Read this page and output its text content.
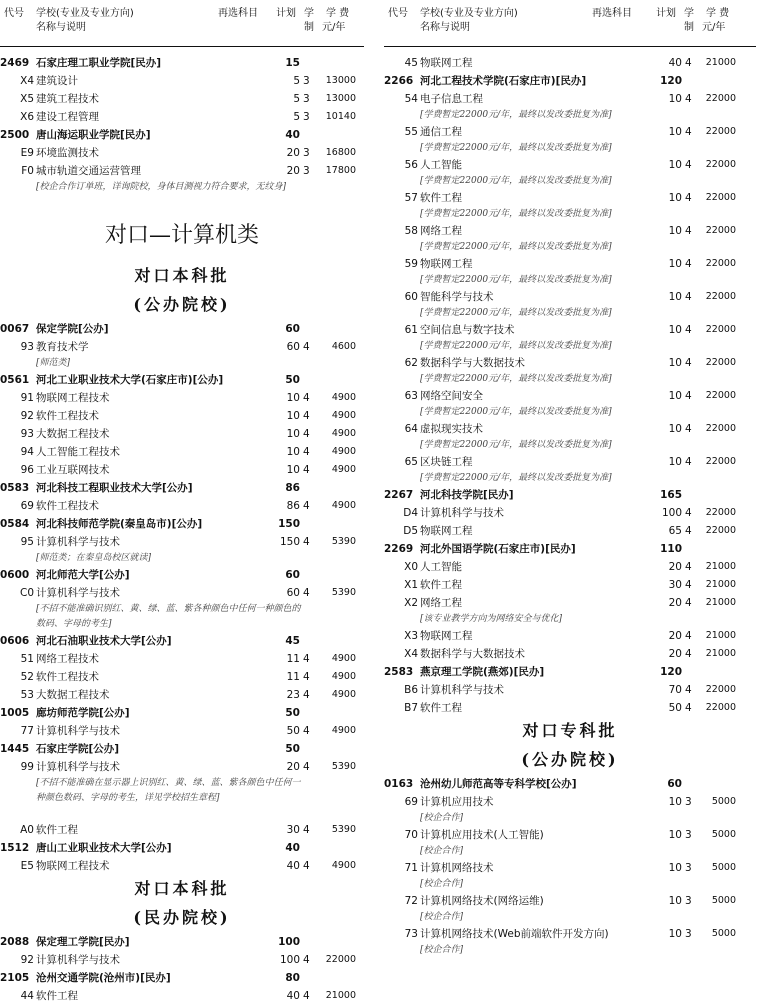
代号 学校(专业及专业方向)
名称与说明
再选科目 计划 学
制
学 费
元/年
2469 石家庄理工职业学院[民办]	15
X4 建筑设计	5 3	13000
X5 建筑工程技术	5 3	13000
X6 建设工程管理	5 3	10140
2500 唐山海运职业学院[民办]	40
E9 环境监测技术	20 3	16800
F0 城市轨道交通运营管理	20 3	17800
[校企合作订单班，详询院校，身体目测视力符合要求，无纹身]
对口—计算机类
对口本科批
(公办院校)
0067 保定学院[公办]	60
93 教育技术学	60 4	4600
[师范类]
0561 河北工业职业技术大学(石家庄市)[公办]	50
91 物联网工程技术	10 4	4900
92 软件工程技术	10 4	4900
93 大数据工程技术	10 4	4900
94 人工智能工程技术	10 4	4900
96 工业互联网技术	10 4	4900
0583 河北科技工程职业技术大学[公办]	86
69 软件工程技术	86 4	4900
0584 河北科技师范学院(秦皇岛市)[公办]	150
95 计算机科学与技术	150 4	5390
[师范类；在秦皇岛校区就读]
0600 河北师范大学[公办]	60
C0 计算机科学与技术	60 4	5390
[不招不能准确识别红、黄、绿、蓝、紫各种颜色中任何一种颜色的数码、字母的考生]
0606 河北石油职业技术大学[公办]	45
51 网络工程技术	11 4	4900
52 软件工程技术	11 4	4900
53 大数据工程技术	23 4	4900
1005 廊坊师范学院[公办]	50
77 计算机科学与技术	50 4	4900
1445 石家庄学院[公办]	50
99 计算机科学与技术	20 4	5390
[不招不能准确在显示器上识别红、黄、绿、蓝、紫各颜色中任何一种颜色数码、字母的考生，详见学校招生章程]
A0 软件工程	30 4	5390
1512 唐山工业职业技术大学[公办]	40
E5 物联网工程技术	40 4	4900
对口本科批
(民办院校)
2088 保定理工学院[民办]	100
92 计算机科学与技术	100 4	22000
2105 沧州交通学院(沧州市)[民办]	80
44 软件工程	40 4	21000
代号 学校(专业及专业方向)
名称与说明
再选科目 计划 学
制
学 费
元/年
45 物联网工程	40 4	21000
2266 河北工程技术学院(石家庄市)[民办]	120
54 电子信息工程	10 4	22000
[学费暂定22000元/年，最终以发改委批复为准]
55 通信工程	10 4	22000
[学费暂定22000元/年，最终以发改委批复为准]
56 人工智能	10 4	22000
[学费暂定22000元/年，最终以发改委批复为准]
57 软件工程	10 4	22000
[学费暂定22000元/年，最终以发改委批复为准]
58 网络工程	10 4	22000
[学费暂定22000元/年，最终以发改委批复为准]
59 物联网工程	10 4	22000
[学费暂定22000元/年，最终以发改委批复为准]
60 智能科学与技术	10 4	22000
[学费暂定22000元/年，最终以发改委批复为准]
61 空间信息与数字技术	10 4	22000
[学费暂定22000元/年，最终以发改委批复为准]
62 数据科学与大数据技术	10 4	22000
[学费暂定22000元/年，最终以发改委批复为准]
63 网络空间安全	10 4	22000
[学费暂定22000元/年，最终以发改委批复为准]
64 虚拟现实技术	10 4	22000
[学费暂定22000元/年，最终以发改委批复为准]
65 区块链工程	10 4	22000
[学费暂定22000元/年，最终以发改委批复为准]
2267 河北科技学院[民办]	165
D4 计算机科学与技术	100 4	22000
D5 物联网工程	65 4	22000
2269 河北外国语学院(石家庄市)[民办]	110
X0 人工智能	20 4	21000
X1 软件工程	30 4	21000
X2 网络工程	20 4	21000
[该专业教学方向为网络安全与优化]
X3 物联网工程	20 4	21000
X4 数据科学与大数据技术	20 4	21000
2583 燕京理工学院(燕郊)[民办]	120
B6 计算机科学与技术	70 4	22000
B7 软件工程	50 4	22000
对口专科批
(公办院校)
0163 沧州幼儿师范高等专科学校[公办]	60
69 计算机应用技术	10 3	5000
[校企合作]
70 计算机应用技术(人工智能)	10 3	5000
[校企合作]
71 计算机网络技术	10 3	5000
[校企合作]
72 计算机网络技术(网络运维)	10 3	5000
[校企合作]
73 计算机网络技术(Web前端软件开发方向)	10 3	5000
[校企合作]
